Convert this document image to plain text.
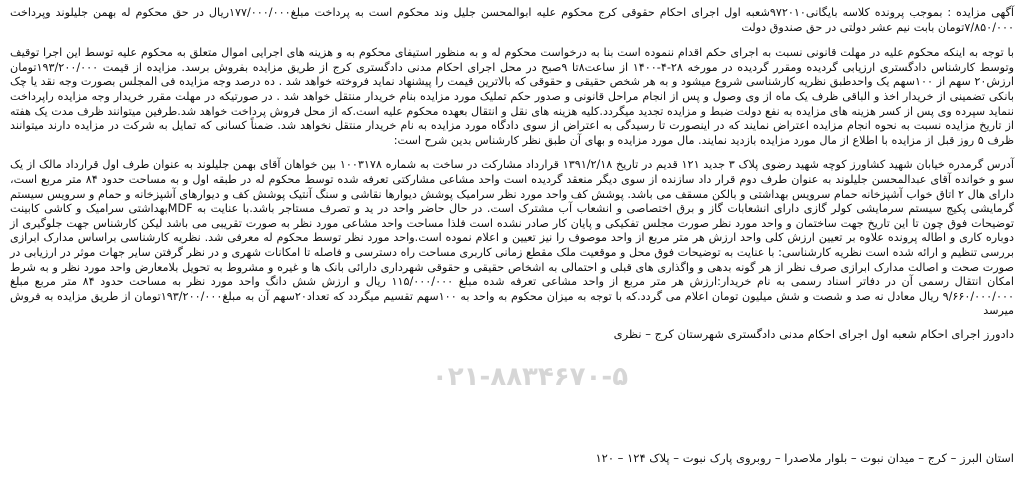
آگهی مزایده : بموجب پرونده کلاسه بایگانی۹۷۲۰۱۰شعبه اول اجرای احکام حقوقی کرج محکوم علیه ابوالمحسن جلیل وند محکوم است به پرداخت مبلغ۱۷۷/۰۰۰/۰۰۰ریال در حق محکوم له بهمن جلیلوند وپرداخت ۷/۸۵۰/۰۰۰تومان بابت نیم عشر دولتی در حق صندوق دولت

با توجه به اینکه محکوم علیه در مهلت قانونی نسبت به اجرای حکم اقدام ننموده است بنا به درخواست محکوم له و به منظور استیفای محکوم به و هزینه های اجرایی اموال متعلق به محکوم علیه توسط این اجرا توقیف وتوسط کارشناس دادگستری ارزیابی گردیده ومقرر گردیده در مورخه ۲۸-۴-۱۴۰۰ از ساعت۸تا ۹صبح در محل اجرای احکام مدنی دادگستری کرج از طریق مزایده بفروش برسد. مزایده از قیمت ۱۹۳/۲۰۰/۰۰۰تومان ارزش۲۰ سهم از ۱۰۰سهم یک واحدطبق نظریه کارشناسی شروع میشود و به هر شخص حقیقی و حقوقی که بالاترین قیمت را پیشنهاد نماید فروخته خواهد شد . ده درصد وجه مزایده فی المجلس بصورت وجه نقد یا چک بانکی تضمینی از خریدار اخذ و الباقی ظرف یک ماه از وی وصول و پس از انجام مراحل قانونی و صدور حکم تملیک مورد مزایده بنام خریدار منتقل خواهد شد . در صورتیکه در مهلت مقرر خریدار وجه مزایده راپرداخت ننماید سپرده وی پس از کسر هزینه های مزایده به نفع دولت ضبط و مزایده تجدید میگردد.کلیه هزینه های نقل و انتقال بعهده محکوم علیه است.که از محل فروش پرداخت خواهد شد.طرفین میتوانند ظرف مدت یک هفته از تاریخ مزایده نسبت به نحوه انجام مزایده اعتراض نمایند که در اینصورت تا رسیدگی به اعتراض از سوی دادگاه مورد مزایده به نام خریدار منتقل نخواهد شد. ضمناً کسانی که تمایل به شرکت در مزایده دارند میتوانند ظرف ۵ روز قبل از مزایده با اطلاع از مال مورد مزایده بازدید نمایند. مال مورد مزایده و بهای آن طبق نظر کارشناس بدین شرح است:

آدرس گرمدره خیابان شهید کشاورز کوچه شهید رضوی پلاک ۳ جدید ۱۲۱ قدیم در تاریخ ۱۳۹۱/۲/۱۸ قرارداد مشارکت در ساخت به شماره ۱۰۰۳۱۷۸ بین خواهان آقای بهمن جلیلوند به عنوان طرف اول قرارداد مالک از یک سو و خوانده آقای عبدالمحسن جلیلوند به عنوان طرف دوم قرار داد سازنده از سوی دیگر منعقد گردیده است واحد مشاعی مشارکتی تعرفه شده توسط محکوم له در طبقه اول و به مساحت حدود ۸۴ متر مربع است، دارای هال ۲ اتاق خواب آشپزخانه حمام سرویس بهداشتی و بالکن مسقف می باشد. پوشش کف واحد مورد نظر سرامیک پوشش دیوارها نقاشی و سنگ آنتیک پوشش کف و دیوارهای آشپزخانه و حمام و سرویس سیستم گرمایشی پکیج سیستم سرمایشی کولر گازی دارای انشعابات گاز و برق اختصاصی و انشعاب آب مشترک است. در حال حاضر واحد در ید و تصرف مستاجر باشد.با عنایت به MDFبهداشتی سرامیک و کاشی کابینت توضیحات فوق چون تا این تاریخ جهت ساختمان و واحد مورد نظر صورت مجلس تفکیکی و پایان کار صادر نشده است فلذا مساحت واحد مشاعی مورد نظر به صورت تقریبی می باشد لیکن کارشناس جهت جلوگیری از دوباره کاری و اطاله پرونده علاوه بر تعیین ارزش کلی واحد ارزش هر متر مربع از واحد موصوف را نیز تعیین و اعلام نموده است.واحد مورد نظر توسط محکوم له معرفی شد. نظریه کارشناسی براساس مدارک ابرازی بررسی تنظیم و ارائه شده است نظریه کارشناسی: با عنایت به توضیحات فوق محل و موقعیت ملک مقطع زمانی کاربری مساحت راه دسترسی و فاصله تا امکانات شهری و در نظر گرفتن سایر جهات موثر در ارزیابی در صورت صحت و اصالت مدارک ابرازی صرف نظر از هر گونه بدهی و واگذاری های قبلی و احتمالی به اشخاص حقیقی و حقوقی شهرداری دارائی بانک ها و غیره و مشروط به تحویل بلامعارض واحد مورد نظر و به شرط امکان انتقال رسمی آن در دفاتر اسناد رسمی به نام خریدار:ارزش هر متر مربع از واحد مشاعی تعرفه شده مبلغ ۱۱۵/۰۰۰/۰۰۰ ریال و ارزش شش دانگ واحد مورد نظر به مساحت حدود ۸۴ متر مربع مبلغ ۹/۶۶۰/۰۰۰/۰۰۰ ریال معادل نه صد و شصت و شش میلیون تومان اعلام می گردد.که با توجه به میزان محکوم به واحد به ۱۰۰سهم تقسیم میگردد که تعداد۲۰سهم آن به مبلغ۱۹۳/۲۰۰/۰۰۰تومان از طریق مزایده به فروش میرسد

دادورز اجرای احکام شعبه اول اجرای احکام مدنی دادگستری شهرستان کرج – نظری
۰۲۱-۸۸۳۴۶۷۰-۵
استان البرز – کرج – میدان نبوت – بلوار ملاصدرا – روبروی پارک نبوت – پلاک ۱۲۴ – ۱۲۰
